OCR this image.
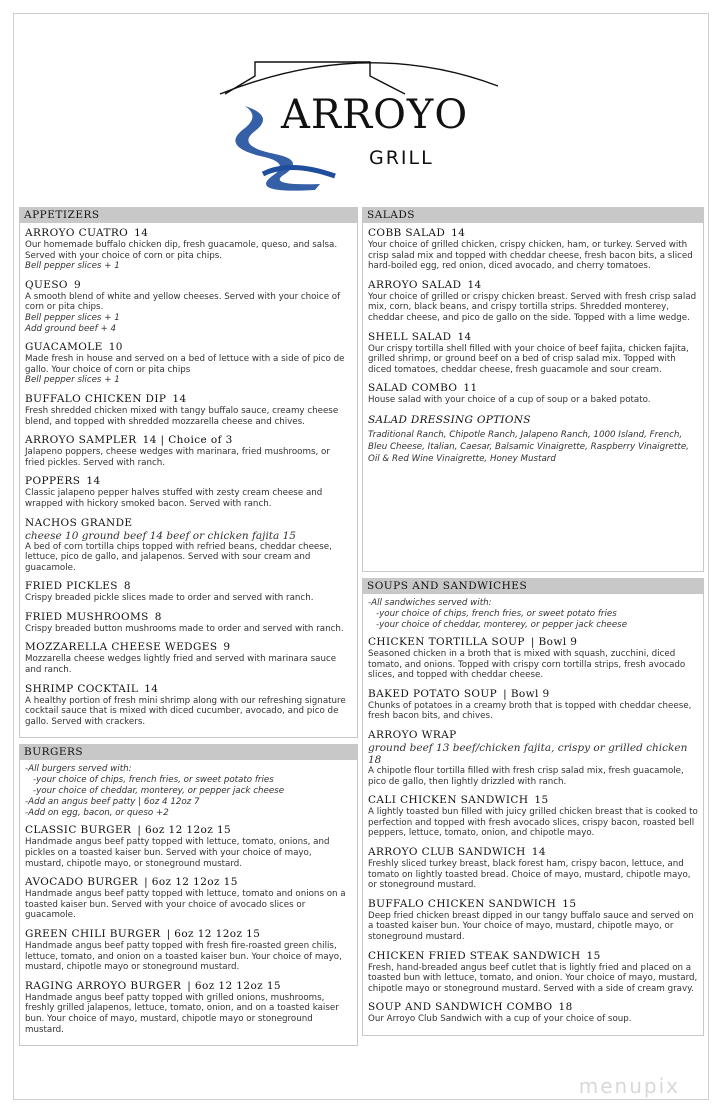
ARROYO
GRILL
APPETIZERS
ARROYO CUATRO 14
Our homemade buffalo chicken dip, fresh guacamole, queso, and salsa. Served with your choice of corn or pita chips.
Bell pepper slices + 1
QUESO 9
A smooth blend of white and yellow cheeses. Served with your choice of corn or pita chips.
Bell pepper slices + 1
Add ground beef + 4
GUACAMOLE 10
Made fresh in house and served on a bed of lettuce with a side of pico de gallo. Your choice of corn or pita chips
Bell pepper slices + 1
BUFFALO CHICKEN DIP 14
Fresh shredded chicken mixed with tangy buffalo sauce, creamy cheese blend, and topped with shredded mozzarella cheese and chives.
ARROYO SAMPLER 14 | Choice of 3
Jalapeno poppers, cheese wedges with marinara, fried mushrooms, or fried pickles. Served with ranch.
POPPERS 14
Classic jalapeno pepper halves stuffed with zesty cream cheese and wrapped with hickory smoked bacon. Served with ranch.
NACHOS GRANDE
cheese 10 ground beef 14 beef or chicken fajita 15
A bed of corn tortilla chips topped with refried beans, cheddar cheese, lettuce, pico de gallo, and jalapenos. Served with sour cream and guacamole.
FRIED PICKLES 8
Crispy breaded pickle slices made to order and served with ranch.
FRIED MUSHROOMS 8
Crispy breaded button mushrooms made to order and served with ranch.
MOZZARELLA CHEESE WEDGES 9
Mozzarella cheese wedges lightly fried and served with marinara sauce and ranch.
SHRIMP COCKTAIL 14
A healthy portion of fresh mini shrimp along with our refreshing signature cocktail sauce that is mixed with diced cucumber, avocado, and pico de gallo. Served with crackers.
BURGERS
-All burgers served with:
-your choice of chips, french fries, or sweet potato fries
-your choice of cheddar, monterey, or pepper jack cheese
-Add an angus beef patty | 6oz 4 12oz 7
-Add on egg, bacon, or queso +2
CLASSIC BURGER | 6oz 12 12oz 15
Handmade angus beef patty topped with lettuce, tomato, onions, and pickles on a toasted kaiser bun. Served with your choice of mayo, mustard, chipotle mayo, or stoneground mustard.
AVOCADO BURGER | 6oz 12 12oz 15
Handmade angus beef patty topped with lettuce, tomato and onions on a toasted kaiser bun. Served with your choice of avocado slices or guacamole.
GREEN CHILI BURGER | 6oz 12 12oz 15
Handmade angus beef patty topped with fresh fire-roasted green chilis, lettuce, tomato, and onion on a toasted kaiser bun. Your choice of mayo, mustard, chipotle mayo or stoneground mustard.
RAGING ARROYO BURGER | 6oz 12 12oz 15
Handmade angus beef patty topped with grilled onions, mushrooms, freshly grilled jalapenos, lettuce, tomato, onion, and on a toasted kaiser bun. Your choice of mayo, mustard, chipotle mayo or stoneground mustard.
SALADS
COBB SALAD 14
Your choice of grilled chicken, crispy chicken, ham, or turkey. Served with crisp salad mix and topped with cheddar cheese, fresh bacon bits, a sliced hard-boiled egg, red onion, diced avocado, and cherry tomatoes.
ARROYO SALAD 14
Your choice of grilled or crispy chicken breast. Served with fresh crisp salad mix, corn, black beans, and crispy tortilla strips. Shredded monterey, cheddar cheese, and pico de gallo on the side. Topped with a lime wedge.
SHELL SALAD 14
Our crispy tortilla shell filled with your choice of beef fajita, chicken fajita, grilled shrimp, or ground beef on a bed of crisp salad mix. Topped with diced tomatoes, cheddar cheese, fresh guacamole and sour cream.
SALAD COMBO 11
House salad with your choice of a cup of soup or a baked potato.
SALAD DRESSING OPTIONS
Traditional Ranch, Chipotle Ranch, Jalapeno Ranch, 1000 Island, French, Bleu Cheese, Italian, Caesar, Balsamic Vinaigrette, Raspberry Vinaigrette, Oil & Red Wine Vinaigrette, Honey Mustard
SOUPS AND SANDWICHES
-All sandwiches served with:
-your choice of chips, french fries, or sweet potato fries
-your choice of cheddar, monterey, or pepper jack cheese
CHICKEN TORTILLA SOUP | Bowl 9
Seasoned chicken in a broth that is mixed with squash, zucchini, diced tomato, and onions. Topped with crispy corn tortilla strips, fresh avocado slices, and topped with cheddar cheese.
BAKED POTATO SOUP | Bowl 9
Chunks of potatoes in a creamy broth that is topped with cheddar cheese, fresh bacon bits, and chives.
ARROYO WRAP
ground beef 13 beef/chicken fajita, crispy or grilled chicken 18
A chipotle flour tortilla filled with fresh crisp salad mix, fresh guacamole, pico de gallo, then lightly drizzled with ranch.
CALI CHICKEN SANDWICH 15
A lightly toasted bun filled with juicy grilled chicken breast that is cooked to perfection and topped with fresh avocado slices, crispy bacon, roasted bell peppers, lettuce, tomato, onion, and chipotle mayo.
ARROYO CLUB SANDWICH 14
Freshly sliced turkey breast, black forest ham, crispy bacon, lettuce, and tomato on lightly toasted bread. Choice of mayo, mustard, chipotle mayo, or stoneground mustard.
BUFFALO CHICKEN SANDWICH 15
Deep fried chicken breast dipped in our tangy buffalo sauce and served on a toasted kaiser bun. Your choice of mayo, mustard, chipotle mayo, or stoneground mustard.
CHICKEN FRIED STEAK SANDWICH 15
Fresh, hand-breaded angus beef cutlet that is lightly fried and placed on a toasted bun with lettuce, tomato, and onion. Your choice of mayo, mustard, chipotle mayo or stoneground mustard. Served with a side of cream gravy.
SOUP AND SANDWICH COMBO 18
Our Arroyo Club Sandwich with a cup of your choice of soup.
menupix
